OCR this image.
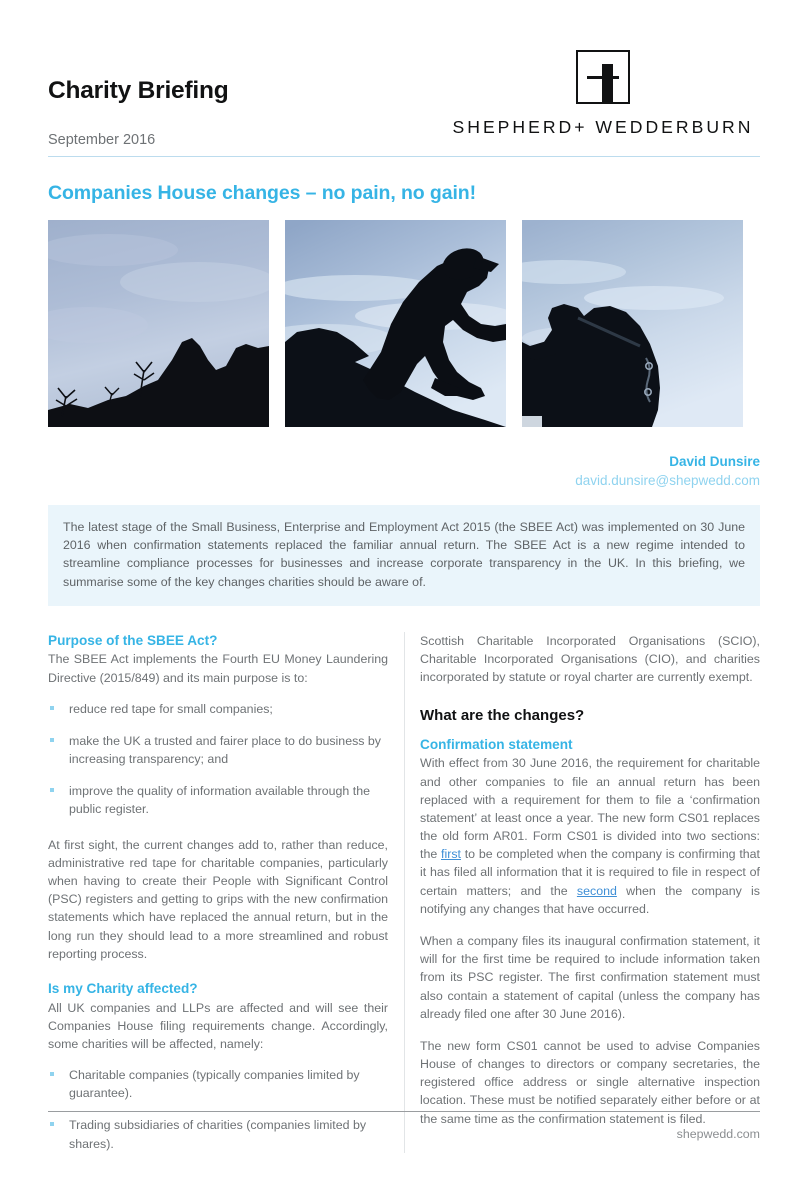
Charity Briefing
September 2016
SHEPHERD+ WEDDERBURN
Companies House changes – no pain, no gain!
David Dunsire
david.dunsire@shepwedd.com
The latest stage of the Small Business, Enterprise and Employment Act 2015 (the SBEE Act) was implemented on 30 June 2016 when confirmation statements replaced the familiar annual return. The SBEE Act is a new regime intended to streamline compliance processes for businesses and increase corporate transparency in the UK. In this briefing, we summarise some of the key changes charities should be aware of.
Purpose of the SBEE Act?

The SBEE Act implements the Fourth EU Money Laundering Directive (2015/849) and its main purpose is to:

reduce red tape for small companies;
make the UK a trusted and fairer place to do business by increasing transparency; and
improve the quality of information available through the public register.

At first sight, the current changes add to, rather than reduce, administrative red tape for charitable companies, particularly when having to create their People with Significant Control (PSC) registers and getting to grips with the new confirmation statements which have replaced the annual return, but in the long run they should lead to a more streamlined and robust reporting process.

Is my Charity affected?

All UK companies and LLPs are affected and will see their Companies House filing requirements change. Accordingly, some charities will be affected, namely:

Charitable companies (typically companies limited by guarantee).
Trading subsidiaries of charities (companies limited by shares).

Scottish Charitable Incorporated Organisations (SCIO), Charitable Incorporated Organisations (CIO), and charities incorporated by statute or royal charter are currently exempt.

What are the changes?
Confirmation statement

With effect from 30 June 2016, the requirement for charitable and other companies to file an annual return has been replaced with a requirement for them to file a ‘confirmation statement’ at least once a year. The new form CS01 replaces the old form AR01. Form CS01 is divided into two sections: the first to be completed when the company is confirming that it has filed all information that it is required to file in respect of certain matters; and the second when the company is notifying any changes that have occurred.

When a company files its inaugural confirmation statement, it will for the first time be required to include information taken from its PSC register. The first confirmation statement must also contain a statement of capital (unless the company has already filed one after 30 June 2016).

The new form CS01 cannot be used to advise Companies House of changes to directors or company secretaries, the registered office address or single alternative inspection location. These must be notified separately either before or at the same time as the confirmation statement is filed.

shepwedd.com
